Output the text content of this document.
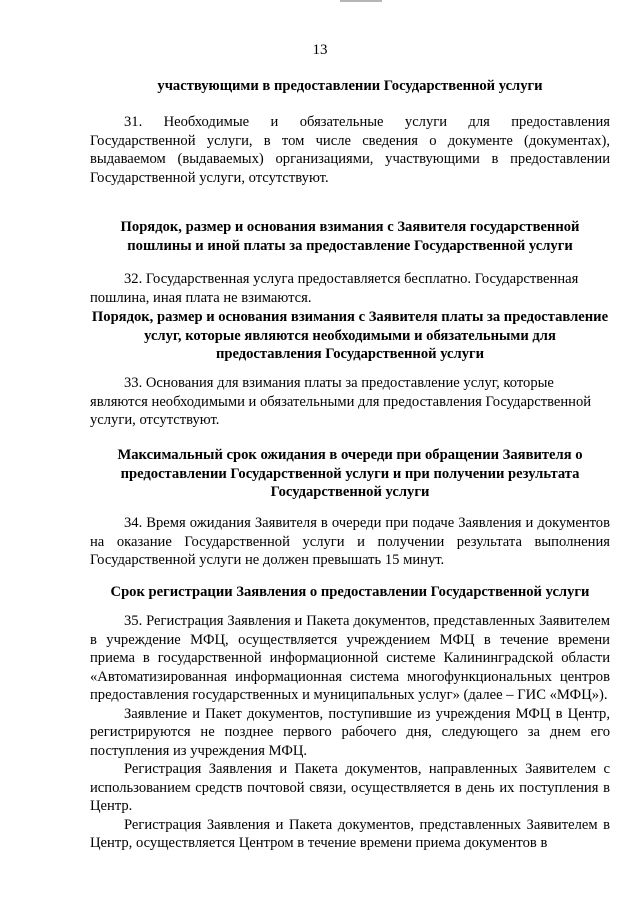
13

участвующими в предоставлении Государственной услуги

31. Необходимые и обязательные услуги для предоставления Государственной услуги, в том числе сведения о документе (документах), выдаваемом (выдаваемых) организациями, участвующими в предоставлении Государственной услуги, отсутствуют.

Порядок, размер и основания взимания с Заявителя государственной пошлины и иной платы за предоставление Государственной услуги

32. Государственная услуга предоставляется бесплатно. Государственная пошлина, иная плата не взимаются.

Порядок, размер и основания взимания с Заявителя платы за предоставление услуг, которые являются необходимыми и обязательными для предоставления Государственной услуги

33. Основания для взимания платы за предоставление услуг, которые являются необходимыми и обязательными для предоставления Государственной услуги, отсутствуют.

Максимальный срок ожидания в очереди при обращении Заявителя о предоставлении Государственной услуги и при получении результата Государственной услуги

34. Время ожидания Заявителя в очереди при подаче Заявления и документов на оказание Государственной услуги и получении результата выполнения Государственной услуги не должен превышать 15 минут.

Срок регистрации Заявления о предоставлении Государственной услуги

35. Регистрация Заявления и Пакета документов, представленных Заявителем в учреждение МФЦ, осуществляется учреждением МФЦ в течение времени приема в государственной информационной системе Калининградской области «Автоматизированная информационная система многофункциональных центров предоставления государственных и муниципальных услуг» (далее – ГИС «МФЦ»).

Заявление и Пакет документов, поступившие из учреждения МФЦ в Центр, регистрируются не позднее первого рабочего дня, следующего за днем его поступления из учреждения МФЦ.

Регистрация Заявления и Пакета документов, направленных Заявителем с использованием средств почтовой связи, осуществляется в день их поступления в Центр.

Регистрация Заявления и Пакета документов, представленных Заявителем в Центр, осуществляется Центром в течение времени приема документов в
